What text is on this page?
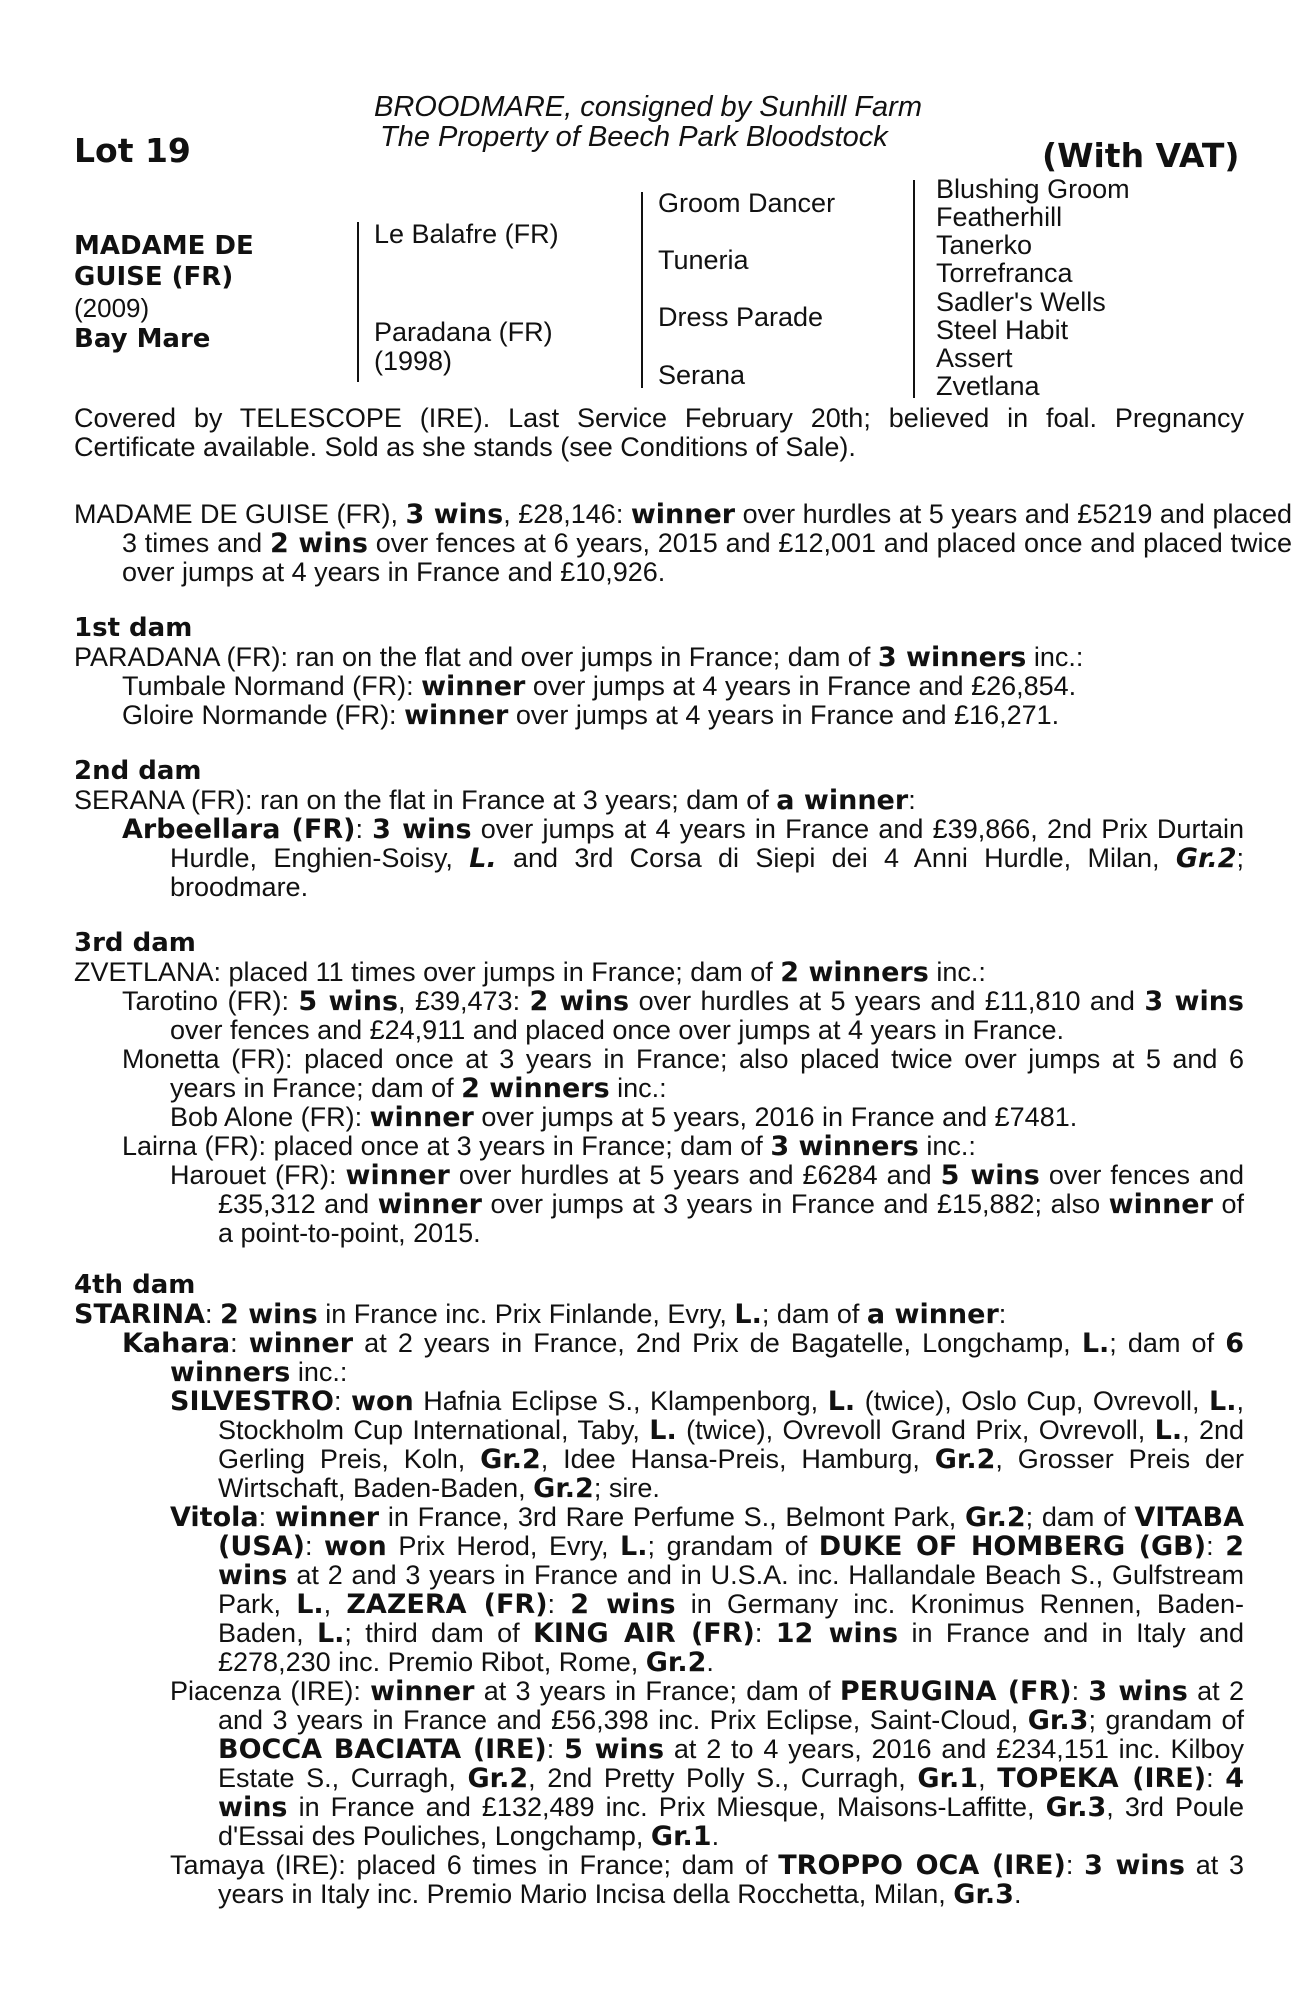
Lot 19
BROODMARE, consigned by Sunhill Farm
The Property of Beech Park Bloodstock	(With VAT)
MADAME DE
GUISE (FR)
(2009)
Bay Mare
Le Balafre (FR)
Paradana (FR)
(1998)
Groom Dancer
Tuneria
Dress Parade
Serana
Blushing Groom
Featherhill
Tanerko
Torrefranca
Sadler's Wells
Steel Habit
Assert
Zvetlana

Covered by TELESCOPE (IRE). Last Service February 20th; believed in foal. Pregnancy Certificate available. Sold as she stands (see Conditions of Sale).

MADAME DE GUISE (FR), 3 wins, £28,146: winner over hurdles at 5 years and £5219 and placed 3 times and 2 wins over fences at 6 years, 2015 and £12,001 and placed once and placed twice over jumps at 4 years in France and £10,926.

1st dam

PARADANA (FR): ran on the flat and over jumps in France; dam of 3 winners inc.:

Tumbale Normand (FR): winner over jumps at 4 years in France and £26,854.

Gloire Normande (FR): winner over jumps at 4 years in France and £16,271.

2nd dam

SERANA (FR): ran on the flat in France at 3 years; dam of a winner:

Arbeellara (FR): 3 wins over jumps at 4 years in France and £39,866, 2nd Prix Durtain Hurdle, Enghien-Soisy, L. and 3rd Corsa di Siepi dei 4 Anni Hurdle, Milan, Gr.2; broodmare.

3rd dam

ZVETLANA: placed 11 times over jumps in France; dam of 2 winners inc.:

Tarotino (FR): 5 wins, £39,473: 2 wins over hurdles at 5 years and £11,810 and 3 wins over fences and £24,911 and placed once over jumps at 4 years in France.

Monetta (FR): placed once at 3 years in France; also placed twice over jumps at 5 and 6 years in France; dam of 2 winners inc.:

Bob Alone (FR): winner over jumps at 5 years, 2016 in France and £7481.

Lairna (FR): placed once at 3 years in France; dam of 3 winners inc.:

Harouet (FR): winner over hurdles at 5 years and £6284 and 5 wins over fences and £35,312 and winner over jumps at 3 years in France and £15,882; also winner of a point-to-point, 2015.

4th dam

STARINA: 2 wins in France inc. Prix Finlande, Evry, L.; dam of a winner:

Kahara: winner at 2 years in France, 2nd Prix de Bagatelle, Longchamp, L.; dam of 6 winners inc.:

SILVESTRO: won Hafnia Eclipse S., Klampenborg, L. (twice), Oslo Cup, Ovrevoll, L., Stockholm Cup International, Taby, L. (twice), Ovrevoll Grand Prix, Ovrevoll, L., 2nd Gerling Preis, Koln, Gr.2, Idee Hansa-Preis, Hamburg, Gr.2, Grosser Preis der Wirtschaft, Baden-Baden, Gr.2; sire.

Vitola: winner in France, 3rd Rare Perfume S., Belmont Park, Gr.2; dam of VITABA (USA): won Prix Herod, Evry, L.; grandam of DUKE OF HOMBERG (GB): 2 wins at 2 and 3 years in France and in U.S.A. inc. Hallandale Beach S., Gulfstream Park, L., ZAZERA (FR): 2 wins in Germany inc. Kronimus Rennen, Baden-Baden, L.; third dam of KING AIR (FR): 12 wins in France and in Italy and £278,230 inc. Premio Ribot, Rome, Gr.2.

Piacenza (IRE): winner at 3 years in France; dam of PERUGINA (FR): 3 wins at 2 and 3 years in France and £56,398 inc. Prix Eclipse, Saint-Cloud, Gr.3; grandam of BOCCA BACIATA (IRE): 5 wins at 2 to 4 years, 2016 and £234,151 inc. Kilboy Estate S., Curragh, Gr.2, 2nd Pretty Polly S., Curragh, Gr.1, TOPEKA (IRE): 4 wins in France and £132,489 inc. Prix Miesque, Maisons-Laffitte, Gr.3, 3rd Poule d'Essai des Pouliches, Longchamp, Gr.1.

Tamaya (IRE): placed 6 times in France; dam of TROPPO OCA (IRE): 3 wins at 3 years in Italy inc. Premio Mario Incisa della Rocchetta, Milan, Gr.3.
